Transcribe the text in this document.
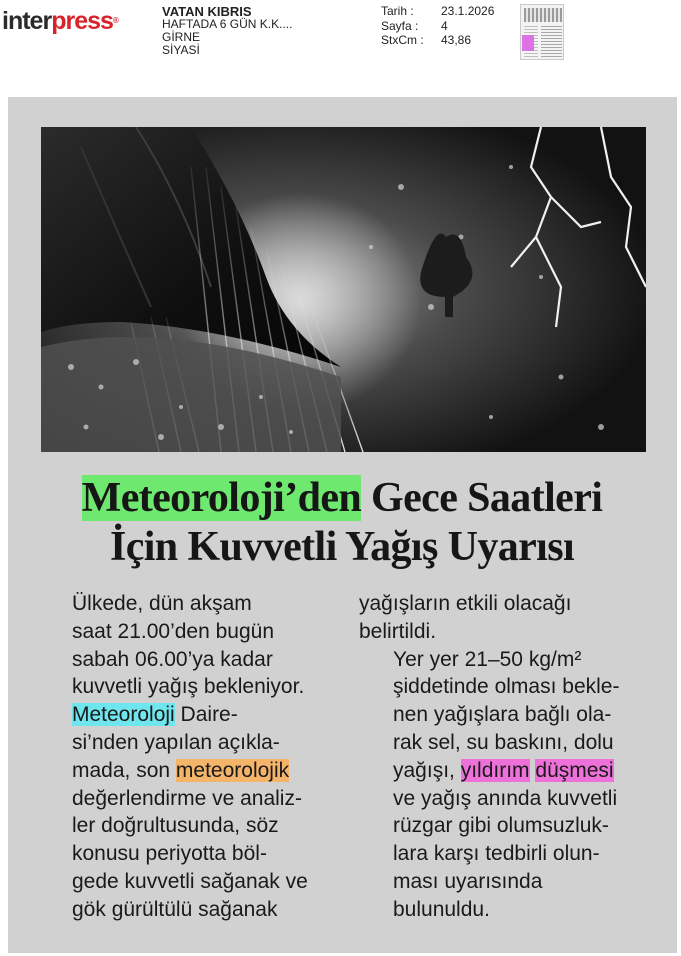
interpress®
VATAN KIBRIS
HAFTADA 6 GÜN K.K....
GİRNE
SİYASİ
Tarih :	23.1.2026
Sayfa :	4
StxCm :	43,86
Meteoroloji’den Gece Saatleri
İçin Kuvvetli Yağış Uyarısı

Ülkede, dün akşam
saat 21.00’den bugün
sabah 06.00’ya kadar
kuvvetli yağış bekleniyor.

Meteoroloji Daire-
si’nden yapılan açıkla-
mada, son meteorolojik
değerlendirme ve analiz-
ler doğrultusunda, söz
konusu periyotta böl-
gede kuvvetli sağanak ve
gök gürültülü sağanak

yağışların etkili olacağı
belirtildi.

Yer yer 21–50 kg/m²
şiddetinde olması bekle-
nen yağışlara bağlı ola-
rak sel, su baskını, dolu
yağışı, yıldırım düşmesi
ve yağış anında kuvvetli
rüzgar gibi olumsuzluk-
lara karşı tedbirli olun-
ması uyarısında
bulunuldu.
